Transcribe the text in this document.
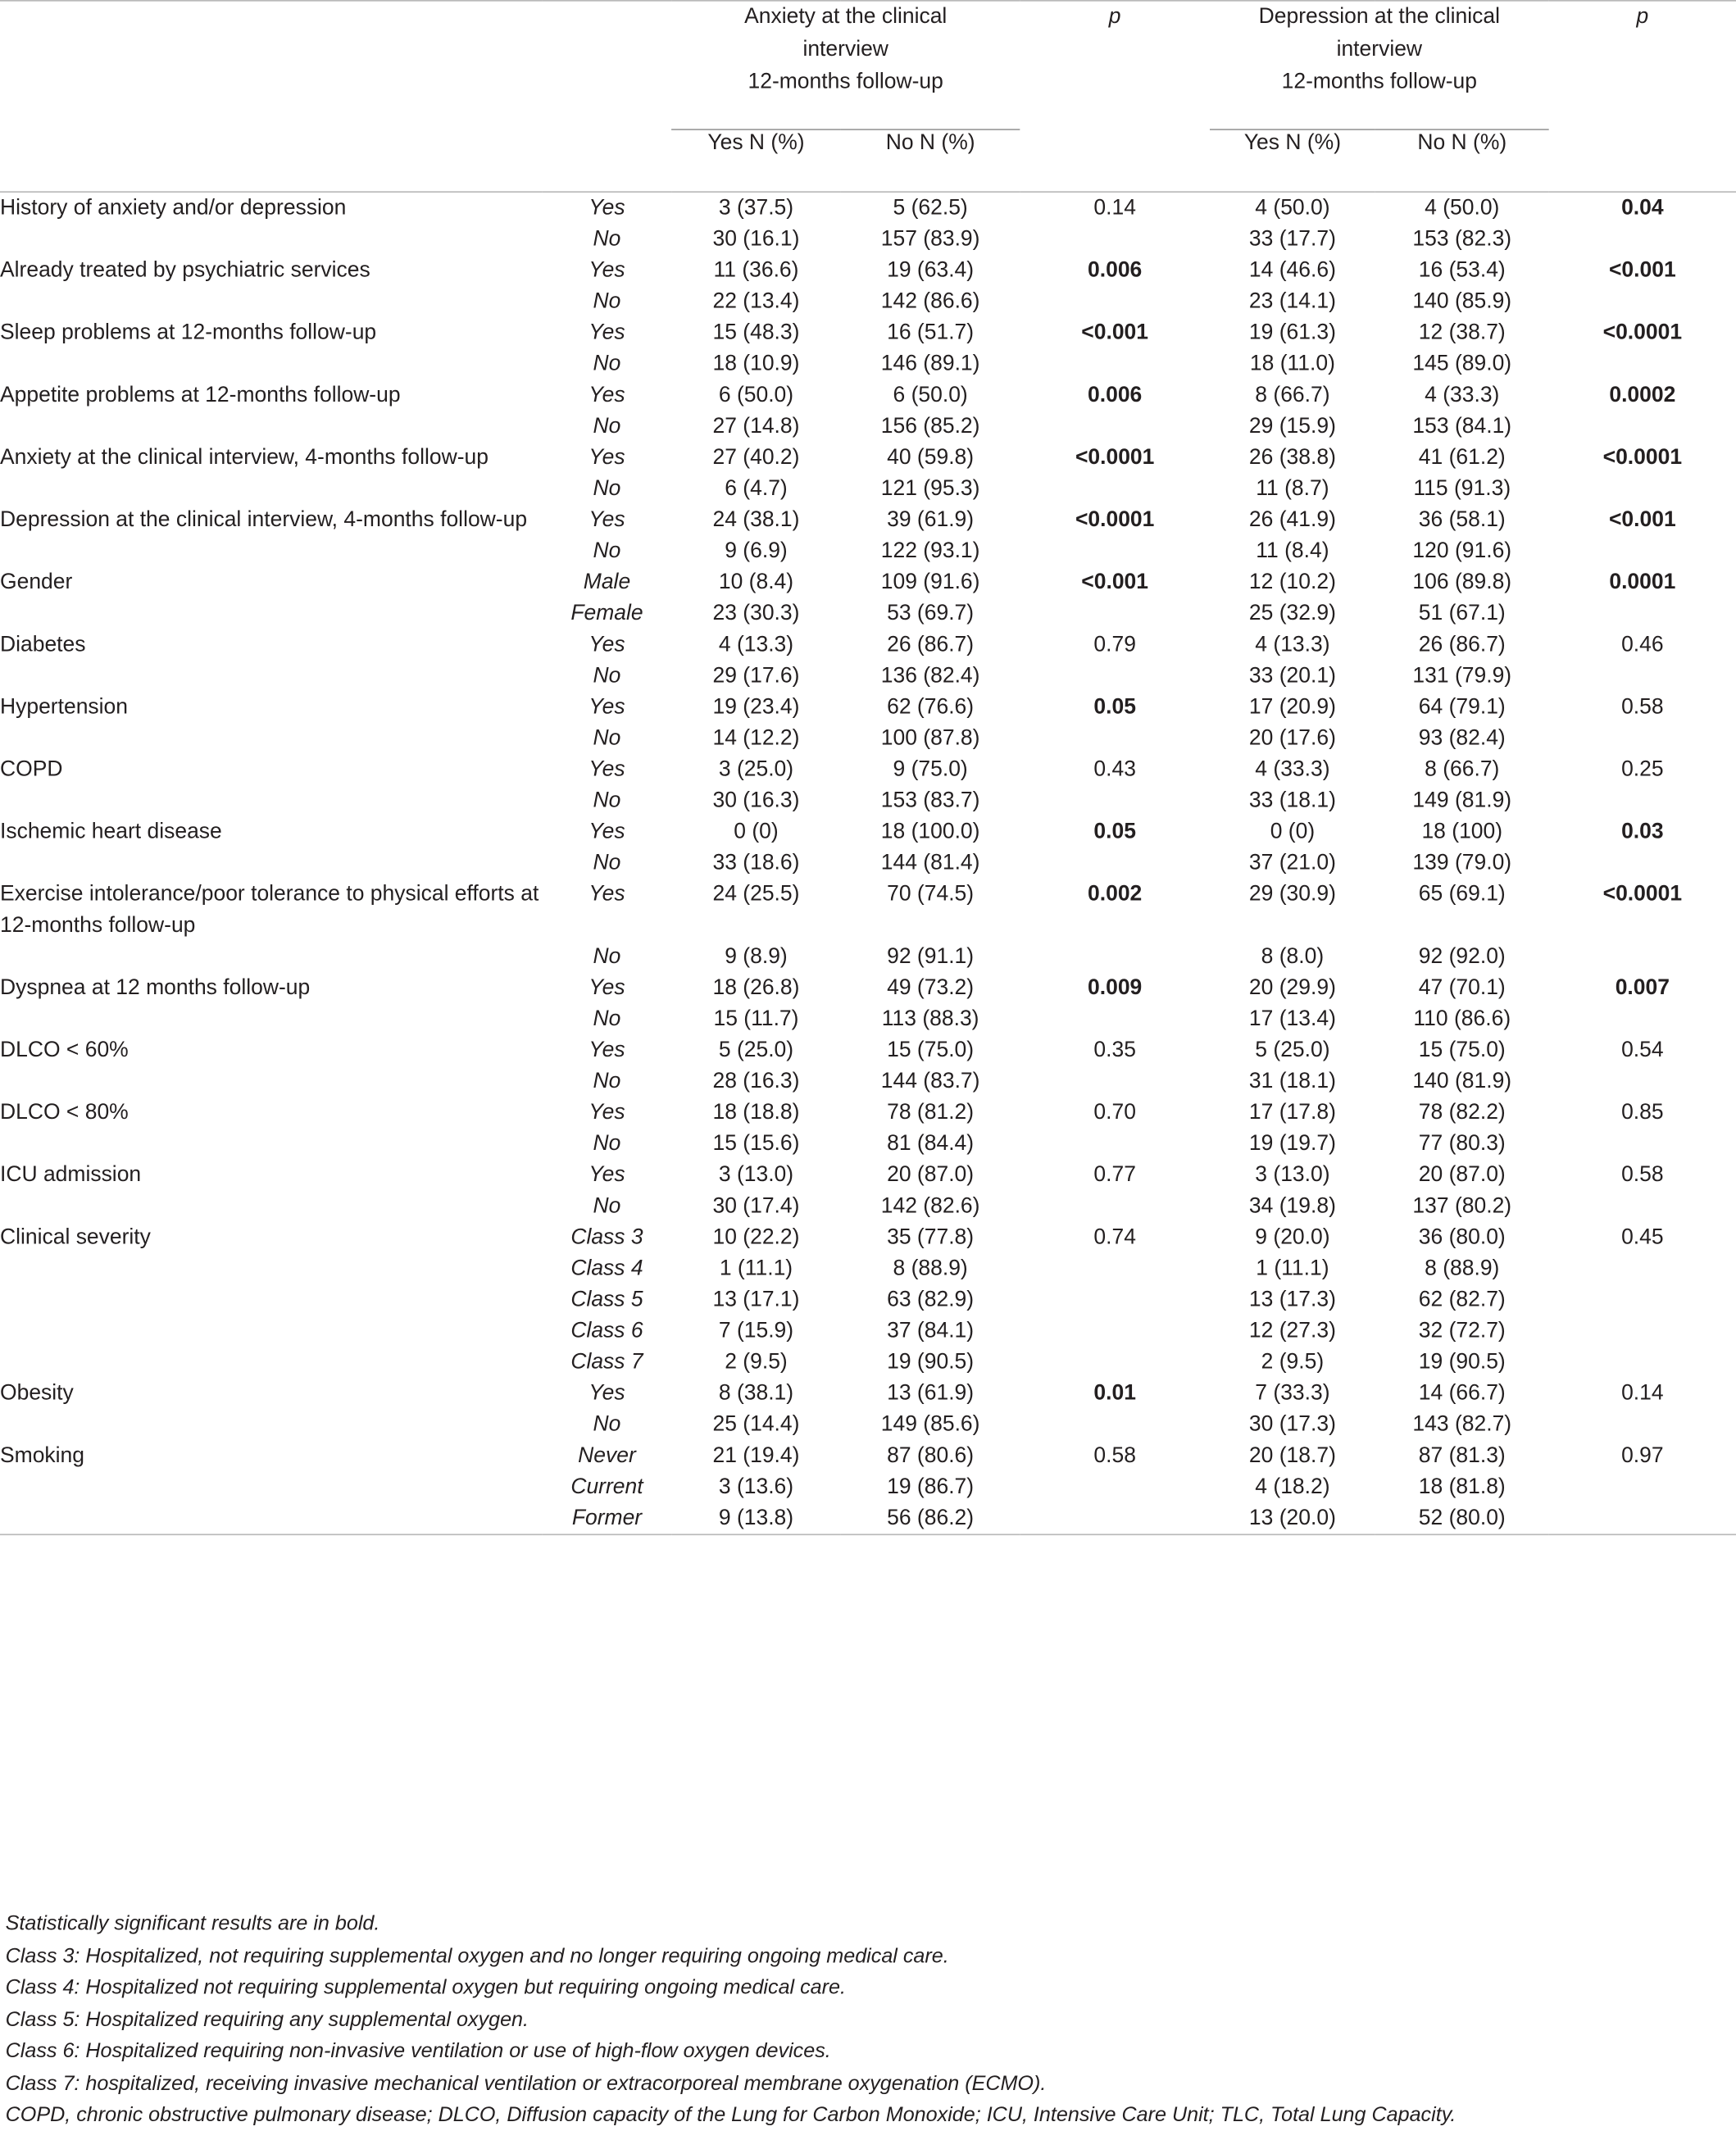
		Anxiety at the clinical
interview
12-months follow-up		p	Depression at the clinical
interview
12-months follow-up		p
		Yes N (%)	No N (%)		Yes N (%)	No N (%)	
History of anxiety and/or depression	Yes	3 (37.5)	5 (62.5)	0.14	4 (50.0)	4 (50.0)	0.04
	No	30 (16.1)	157 (83.9)		33 (17.7)	153 (82.3)	
Already treated by psychiatric services	Yes	11 (36.6)	19 (63.4)	0.006	14 (46.6)	16 (53.4)	<0.001
	No	22 (13.4)	142 (86.6)		23 (14.1)	140 (85.9)	
Sleep problems at 12-months follow-up	Yes	15 (48.3)	16 (51.7)	<0.001	19 (61.3)	12 (38.7)	<0.0001
	No	18 (10.9)	146 (89.1)		18 (11.0)	145 (89.0)	
Appetite problems at 12-months follow-up	Yes	6 (50.0)	6 (50.0)	0.006	8 (66.7)	4 (33.3)	0.0002
	No	27 (14.8)	156 (85.2)		29 (15.9)	153 (84.1)	
Anxiety at the clinical interview, 4-months follow-up	Yes	27 (40.2)	40 (59.8)	<0.0001	26 (38.8)	41 (61.2)	<0.0001
	No	6 (4.7)	121 (95.3)		11 (8.7)	115 (91.3)	
Depression at the clinical interview, 4-months follow-up	Yes	24 (38.1)	39 (61.9)	<0.0001	26 (41.9)	36 (58.1)	<0.001
	No	9 (6.9)	122 (93.1)		11 (8.4)	120 (91.6)	
Gender	Male	10 (8.4)	109 (91.6)	<0.001	12 (10.2)	106 (89.8)	0.0001
	Female	23 (30.3)	53 (69.7)		25 (32.9)	51 (67.1)	
Diabetes	Yes	4 (13.3)	26 (86.7)	0.79	4 (13.3)	26 (86.7)	0.46
	No	29 (17.6)	136 (82.4)		33 (20.1)	131 (79.9)	
Hypertension	Yes	19 (23.4)	62 (76.6)	0.05	17 (20.9)	64 (79.1)	0.58
	No	14 (12.2)	100 (87.8)		20 (17.6)	93 (82.4)	
COPD	Yes	3 (25.0)	9 (75.0)	0.43	4 (33.3)	8 (66.7)	0.25
	No	30 (16.3)	153 (83.7)		33 (18.1)	149 (81.9)	
Ischemic heart disease	Yes	0 (0)	18 (100.0)	0.05	0 (0)	18 (100)	0.03
	No	33 (18.6)	144 (81.4)		37 (21.0)	139 (79.0)	
Exercise intolerance/poor tolerance to physical efforts at 12-months follow-up	Yes	24 (25.5)	70 (74.5)	0.002	29 (30.9)	65 (69.1)	<0.0001
	No	9 (8.9)	92 (91.1)		8 (8.0)	92 (92.0)	
Dyspnea at 12 months follow-up	Yes	18 (26.8)	49 (73.2)	0.009	20 (29.9)	47 (70.1)	0.007
	No	15 (11.7)	113 (88.3)		17 (13.4)	110 (86.6)	
DLCO < 60%	Yes	5 (25.0)	15 (75.0)	0.35	5 (25.0)	15 (75.0)	0.54
	No	28 (16.3)	144 (83.7)		31 (18.1)	140 (81.9)	
DLCO < 80%	Yes	18 (18.8)	78 (81.2)	0.70	17 (17.8)	78 (82.2)	0.85
	No	15 (15.6)	81 (84.4)		19 (19.7)	77 (80.3)	
ICU admission	Yes	3 (13.0)	20 (87.0)	0.77	3 (13.0)	20 (87.0)	0.58
	No	30 (17.4)	142 (82.6)		34 (19.8)	137 (80.2)	
Clinical severity	Class 3	10 (22.2)	35 (77.8)	0.74	9 (20.0)	36 (80.0)	0.45
	Class 4	1 (11.1)	8 (88.9)		1 (11.1)	8 (88.9)	
	Class 5	13 (17.1)	63 (82.9)		13 (17.3)	62 (82.7)	
	Class 6	7 (15.9)	37 (84.1)		12 (27.3)	32 (72.7)	
	Class 7	2 (9.5)	19 (90.5)		2 (9.5)	19 (90.5)	
Obesity	Yes	8 (38.1)	13 (61.9)	0.01	7 (33.3)	14 (66.7)	0.14
	No	25 (14.4)	149 (85.6)		30 (17.3)	143 (82.7)	
Smoking	Never	21 (19.4)	87 (80.6)	0.58	20 (18.7)	87 (81.3)	0.97
	Current	3 (13.6)	19 (86.7)		4 (18.2)	18 (81.8)	
	Former	9 (13.8)	56 (86.2)		13 (20.0)	52 (80.0)	
Statistically significant results are in bold.
Class 3: Hospitalized, not requiring supplemental oxygen and no longer requiring ongoing medical care.
Class 4: Hospitalized not requiring supplemental oxygen but requiring ongoing medical care.
Class 5: Hospitalized requiring any supplemental oxygen.
Class 6: Hospitalized requiring non-invasive ventilation or use of high-flow oxygen devices.
Class 7: hospitalized, receiving invasive mechanical ventilation or extracorporeal membrane oxygenation (ECMO).
COPD, chronic obstructive pulmonary disease; DLCO, Diffusion capacity of the Lung for Carbon Monoxide; ICU, Intensive Care Unit; TLC, Total Lung Capacity.
